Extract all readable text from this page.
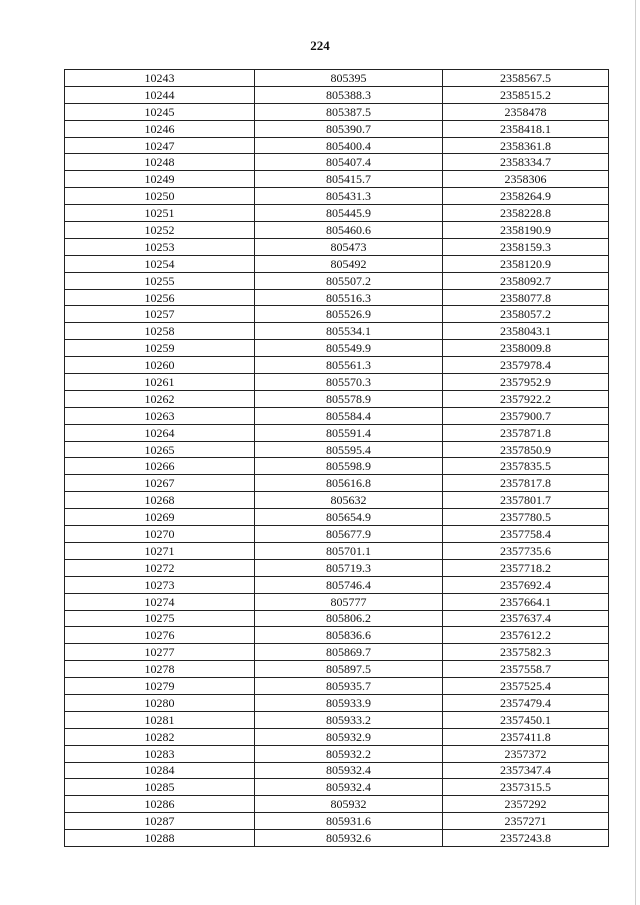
224
10243	805395	2358567.5
10244	805388.3	2358515.2
10245	805387.5	2358478
10246	805390.7	2358418.1
10247	805400.4	2358361.8
10248	805407.4	2358334.7
10249	805415.7	2358306
10250	805431.3	2358264.9
10251	805445.9	2358228.8
10252	805460.6	2358190.9
10253	805473	2358159.3
10254	805492	2358120.9
10255	805507.2	2358092.7
10256	805516.3	2358077.8
10257	805526.9	2358057.2
10258	805534.1	2358043.1
10259	805549.9	2358009.8
10260	805561.3	2357978.4
10261	805570.3	2357952.9
10262	805578.9	2357922.2
10263	805584.4	2357900.7
10264	805591.4	2357871.8
10265	805595.4	2357850.9
10266	805598.9	2357835.5
10267	805616.8	2357817.8
10268	805632	2357801.7
10269	805654.9	2357780.5
10270	805677.9	2357758.4
10271	805701.1	2357735.6
10272	805719.3	2357718.2
10273	805746.4	2357692.4
10274	805777	2357664.1
10275	805806.2	2357637.4
10276	805836.6	2357612.2
10277	805869.7	2357582.3
10278	805897.5	2357558.7
10279	805935.7	2357525.4
10280	805933.9	2357479.4
10281	805933.2	2357450.1
10282	805932.9	2357411.8
10283	805932.2	2357372
10284	805932.4	2357347.4
10285	805932.4	2357315.5
10286	805932	2357292
10287	805931.6	2357271
10288	805932.6	2357243.8
